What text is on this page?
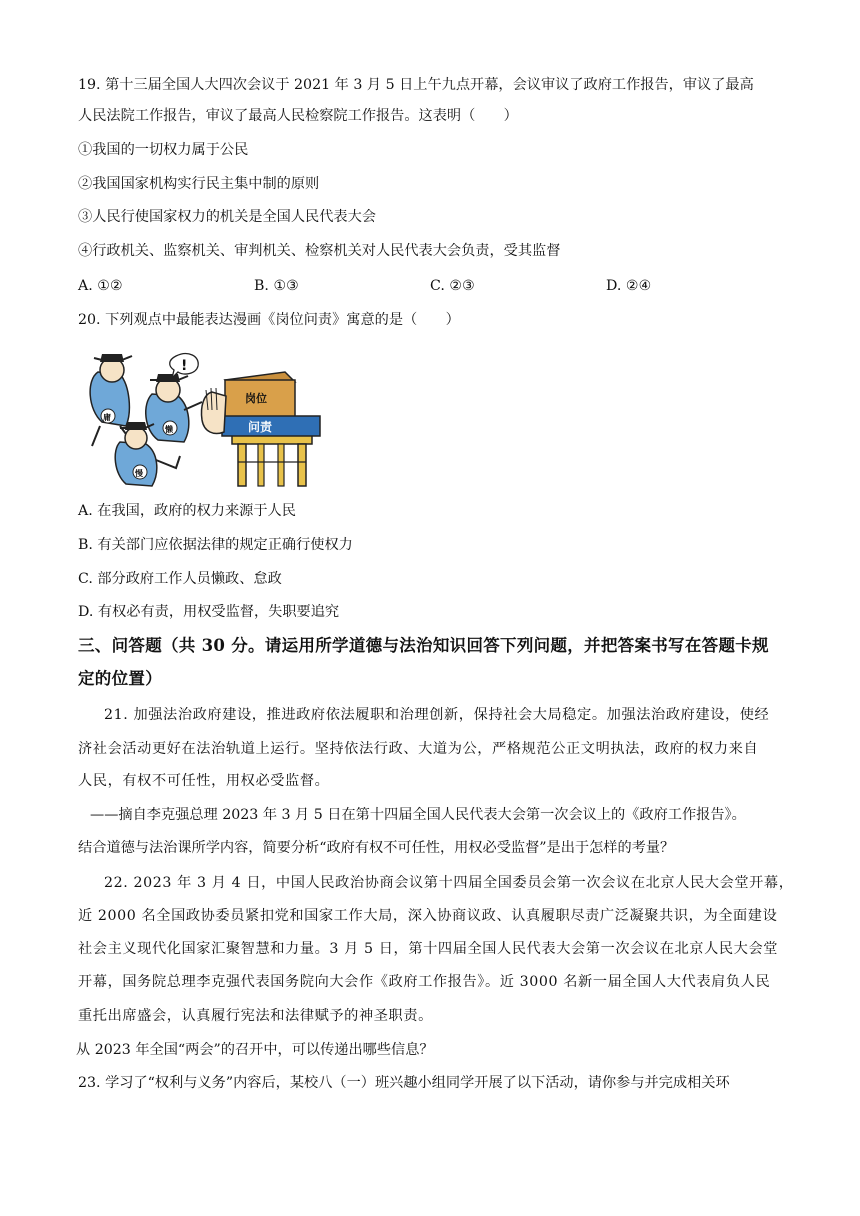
19. 第十三届全国人大四次会议于 2021 年 3 月 5 日上午九点开幕，会议审议了政府工作报告，审议了最高
人民法院工作报告，审议了最高人民检察院工作报告。这表明（　　）
①我国的一切权力属于公民
②我国国家机构实行民主集中制的原则
③人民行使国家权力的机关是全国人民代表大会
④行政机关、监察机关、审判机关、检察机关对人民代表大会负责，受其监督
A. ①②	B. ①③	C. ②③	D. ②④
20. 下列观点中最能表达漫画《岗位问责》寓意的是（　　）
岗位
问责
庸
懒
!
慢
A. 在我国，政府的权力来源于人民
B. 有关部门应依据法律的规定正确行使权力
C. 部分政府工作人员懒政、怠政
D. 有权必有责，用权受监督，失职要追究
三、问答题（共 30 分。请运用所学道德与法治知识回答下列问题，并把答案书写在答题卡规
定的位置）
21. 加强法治政府建设，推进政府依法履职和治理创新，保持社会大局稳定。加强法治政府建设，使经
济社会活动更好在法治轨道上运行。坚持依法行政、大道为公，严格规范公正文明执法，政府的权力来自
人民，有权不可任性，用权必受监督。
——摘自李克强总理 2023 年 3 月 5 日在第十四届全国人民代表大会第一次会议上的《政府工作报告》。
结合道德与法治课所学内容，简要分析“政府有权不可任性，用权必受监督”是出于怎样的考量？
22. 2023 年 3 月 4 日，中国人民政治协商会议第十四届全国委员会第一次会议在北京人民大会堂开幕，
近 2000 名全国政协委员紧扣党和国家工作大局，深入协商议政、认真履职尽责广泛凝聚共识，为全面建设
社会主义现代化国家汇聚智慧和力量。3 月 5 日，第十四届全国人民代表大会第一次会议在北京人民大会堂
开幕，国务院总理李克强代表国务院向大会作《政府工作报告》。近 3000 名新一届全国人大代表肩负人民
重托出席盛会，认真履行宪法和法律赋予的神圣职责。
从 2023 年全国“两会”的召开中，可以传递出哪些信息？
23. 学习了“权利与义务”内容后，某校八（一）班兴趣小组同学开展了以下活动，请你参与并完成相关环
